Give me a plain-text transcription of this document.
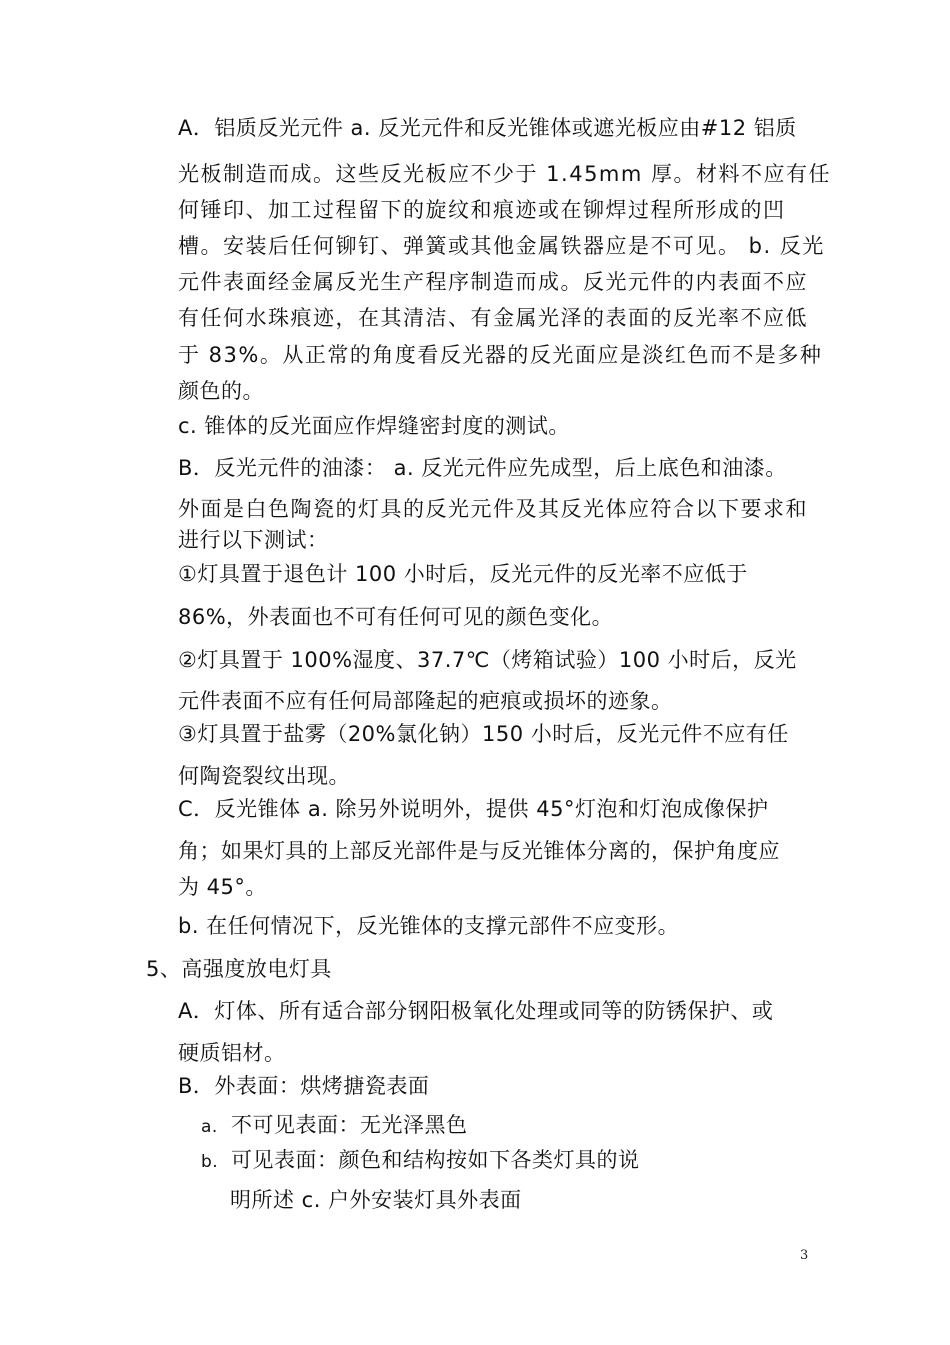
A．铝质反光元件 a. 反光元件和反光锥体或遮光板应由#12 铝质
光板制造而成。这些反光板应不少于 1.45mm 厚。材料不应有任
何锤印、加工过程留下的旋纹和痕迹或在铆焊过程所形成的凹
槽。安装后任何铆钉、弹簧或其他金属铁器应是不可见。 b. 反光
元件表面经金属反光生产程序制造而成。反光元件的内表面不应
有任何水珠痕迹，在其清洁、有金属光泽的表面的反光率不应低
于 83%。从正常的角度看反光器的反光面应是淡红色而不是多种
颜色的。
c. 锥体的反光面应作焊缝密封度的测试。
B．反光元件的油漆： a. 反光元件应先成型，后上底色和油漆。
外面是白色陶瓷的灯具的反光元件及其反光体应符合以下要求和
进行以下测试：
①灯具置于退色计 100 小时后，反光元件的反光率不应低于
86%，外表面也不可有任何可见的颜色变化。
②灯具置于 100%湿度、37.7℃（烤箱试验）100 小时后，反光
元件表面不应有任何局部隆起的疤痕或损坏的迹象。
③灯具置于盐雾（20%氯化钠）150 小时后，反光元件不应有任
何陶瓷裂纹出现。
C．反光锥体 a. 除另外说明外，提供 45°灯泡和灯泡成像保护
角；如果灯具的上部反光部件是与反光锥体分离的，保护角度应
为 45°。
b. 在任何情况下，反光锥体的支撑元部件不应变形。
5、高强度放电灯具
A．灯体、所有适合部分钢阳极氧化处理或同等的防锈保护、或
硬质铝材。
B．外表面：烘烤搪瓷表面
a. 不可见表面：无光泽黑色
b. 可见表面：颜色和结构按如下各类灯具的说
明所述 c. 户外安装灯具外表面
3
